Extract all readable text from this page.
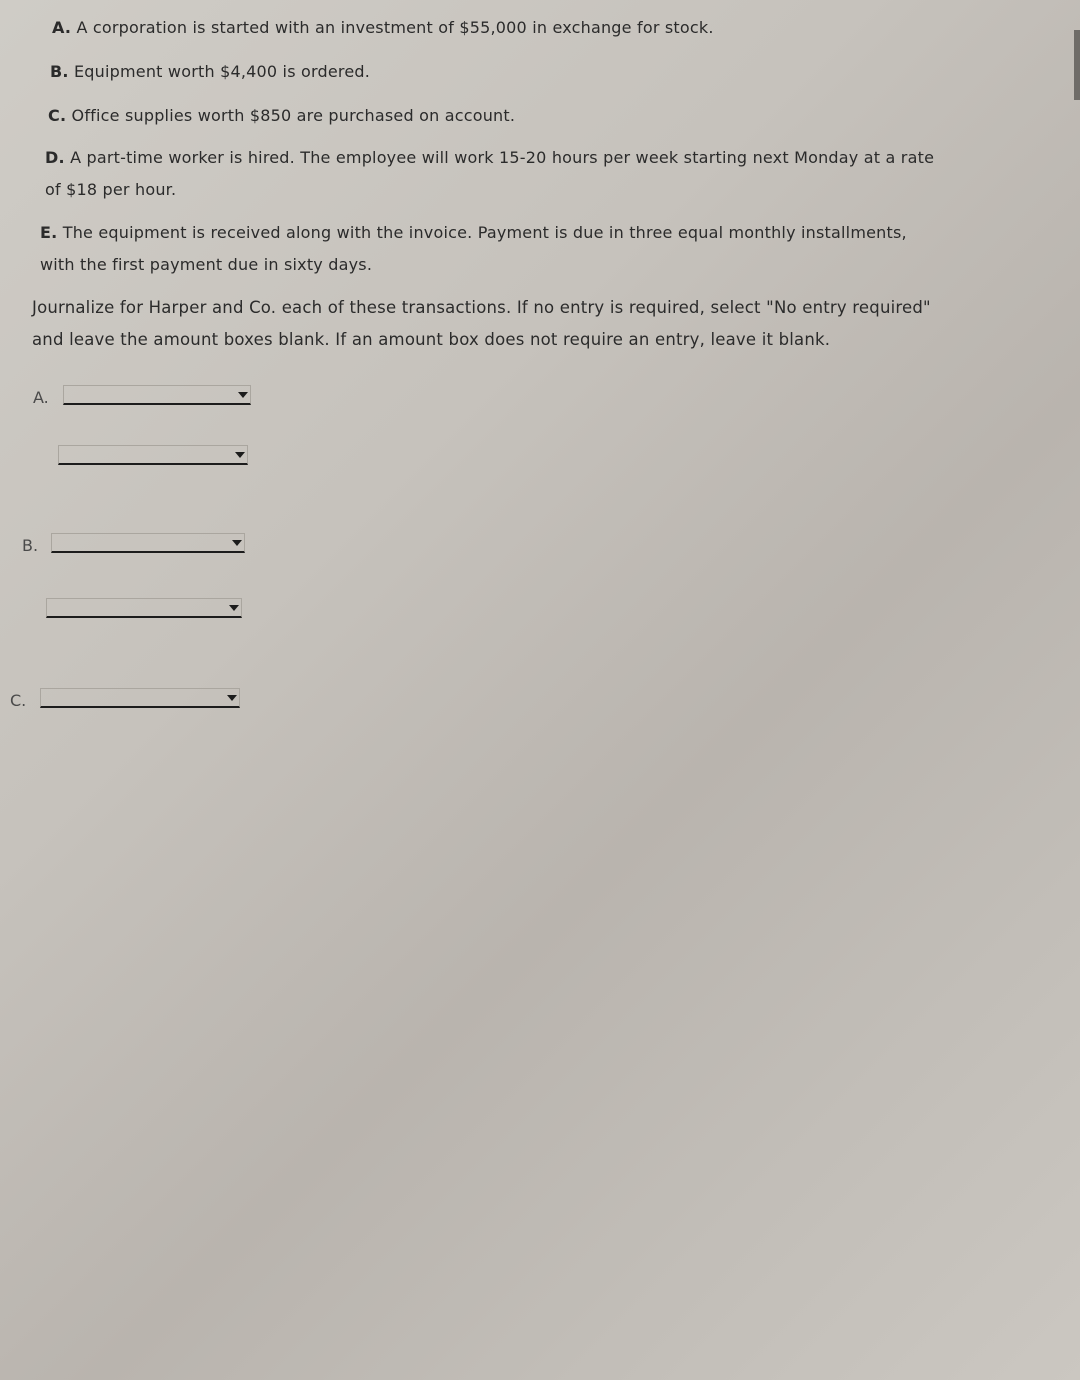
A. A corporation is started with an investment of $55,000 in exchange for stock.
B. Equipment worth $4,400 is ordered.
C. Office supplies worth $850 are purchased on account.
D. A part-time worker is hired. The employee will work 15-20 hours per week starting next Monday at a rate
of $18 per hour.
E. The equipment is received along with the invoice. Payment is due in three equal monthly installments,
with the first payment due in sixty days.
Journalize for Harper and Co. each of these transactions. If no entry is required, select "No entry required"
and leave the amount boxes blank. If an amount box does not require an entry, leave it blank.
A.
B.
C.
